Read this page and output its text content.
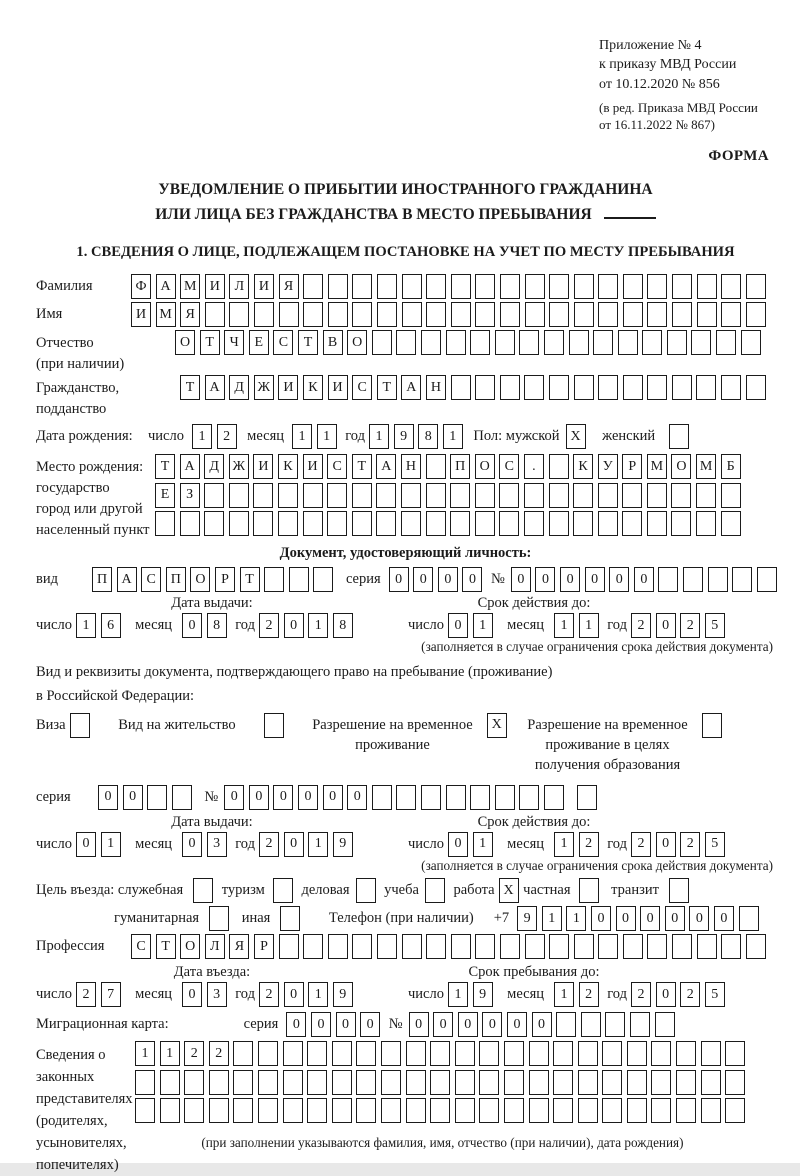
Приложение № 4
к приказу МВД России
от 10.12.2020 № 856
(в ред. Приказа МВД России
от 16.11.2022 № 867)
ФОРМА
УВЕДОМЛЕНИЕ О ПРИБЫТИИ ИНОСТРАННОГО ГРАЖДАНИНА
ИЛИ ЛИЦА БЕЗ ГРАЖДАНСТВА В МЕСТО ПРЕБЫВАНИЯ
1. СВЕДЕНИЯ О ЛИЦЕ, ПОДЛЕЖАЩЕМ ПОСТАНОВКЕ НА УЧЕТ ПО МЕСТУ ПРЕБЫВАНИЯ
Фамилия	Ф	А М И	Л	И	Я
Имя	И М Я
Отчество
(при наличии)
О	Т	Ч	Е	С	Т	В	О
Гражданство,
подданство
Т	А	Д Ж И	К	И	С	Т	А	Н
Дата рождения:	число	1	2	месяц	1	1	год 1	9	8	1	Пол: мужской X	женский
Место рождения:
государство
город или другой
населенный пункт
Т	А	Д Ж И	К	И	С	Т	А	Н	П	О	С	.	К	У	Р	М О М	Б
Е	З
Документ, удостоверяющий личность:
вид	П	А	С	П	О	Р	Т	серия	0	0	0	0	№ 0	0	0	0	0	0
Дата выдачи:	Срок действия до:
число 1	6	месяц	0	8	год 2	0	1	8	число 0	1	месяц	1	1	год 2	0	2	5
(заполняется в случае ограничения срока действия документа)
Вид и реквизиты документа, подтверждающего право на пребывание (проживание)
в Российской Федерации:
Виза	Вид на жительство	Разрешение на временное
проживание
X	Разрешение на временное
проживание в целях
получения образования
серия	0	0	№ 0	0	0	0	0	0
Дата выдачи:	Срок действия до:
число 0	1	месяц	0	3	год 2	0	1	9	число 0	1	месяц	1	2	год 2	0	2	5
(заполняется в случае ограничения срока действия документа)
Цель въезда: служебная	туризм	деловая учеба работа X частная	транзит
гуманитарная	иная	Телефон (при наличии) +7	9	1	1	0	0	0	0	0	0
Профессия	С	Т	О	Л	Я	Р
Дата въезда:	Срок пребывания до:
число 2	7	месяц	0	3	год 2	0	1	9	число 1	9	месяц	1	2	год 2	0	2	5
Миграционная карта:	серия	0	0	0	0	№ 0	0	0	0	0	0
Сведения о
законных
представителях
(родителях,
усыновителях,
попечителях)
1	1	2	2
(при заполнении указываются фамилия, имя, отчество (при наличии), дата рождения)
